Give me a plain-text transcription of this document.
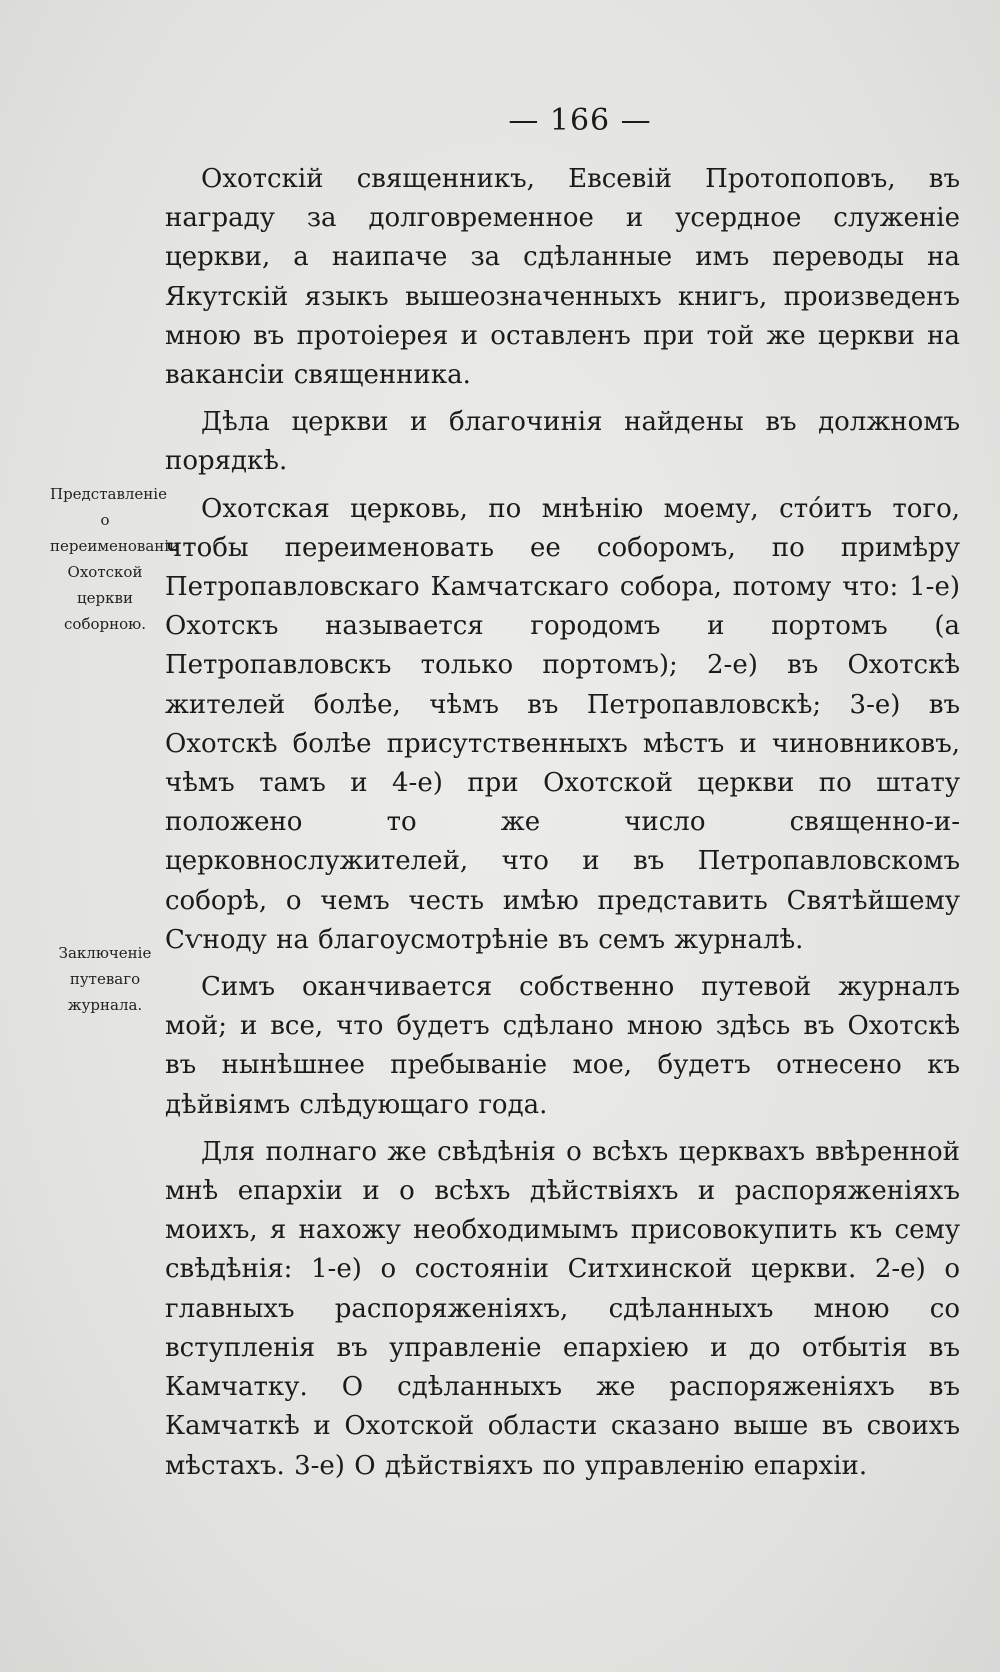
— 166 —
Представленіе о переименованіи Охотской церкви соборною.
Заключеніе путеваго журнала.

Охотскій священникъ, Евсевій Протопоповъ, въ награду за долговременное и усердное служеніе церкви, а наипаче за сдѣланные имъ переводы на Якутскій языкъ вышеозначенныхъ книгъ, произведенъ мною въ протоіерея и оставленъ при той же церкви на вакансіи священника.

Дѣла церкви и благочинія найдены въ должномъ порядкѣ.

Охотская церковь, по мнѣнію моему, стóитъ того, чтобы переименовать ее соборомъ, по примѣру Петропавловскаго Камчатскаго собора, потому что: 1-е) Охотскъ называется городомъ и портомъ (а Петропавловскъ только портомъ); 2-е) въ Охотскѣ жителей болѣе, чѣмъ въ Петропавловскѣ; 3-е) въ Охотскѣ болѣе присутственныхъ мѣстъ и чиновниковъ, чѣмъ тамъ и 4-е) при Охотской церкви по штату положено то же число священно-и-церковнослужителей, что и въ Петропавловскомъ соборѣ, о чемъ честь имѣю представить Святѣйшему Сѵноду на благоусмотрѣніе въ семъ журналѣ.

Симъ оканчивается собственно путевой журналъ мой; и все, что будетъ сдѣлано мною здѣсь въ Охотскѣ въ нынѣшнее пребываніе мое, будетъ отнесено къ дѣйвіямъ слѣдующаго года.

Для полнаго же свѣдѣнія о всѣхъ церквахъ ввѣренной мнѣ епархіи и о всѣхъ дѣйствіяхъ и распоряженіяхъ моихъ, я нахожу необходимымъ присовокупить къ сему свѣдѣнія: 1-е) о состояніи Ситхинской церкви. 2-е) о главныхъ распоряженіяхъ, сдѣланныхъ мною со вступленія въ управленіе епархіею и до отбытія въ Камчатку. О сдѣланныхъ же распоряженіяхъ въ Камчаткѣ и Охотской области сказано выше въ своихъ мѣстахъ. 3-е) О дѣйствіяхъ по управленію епархіи.
